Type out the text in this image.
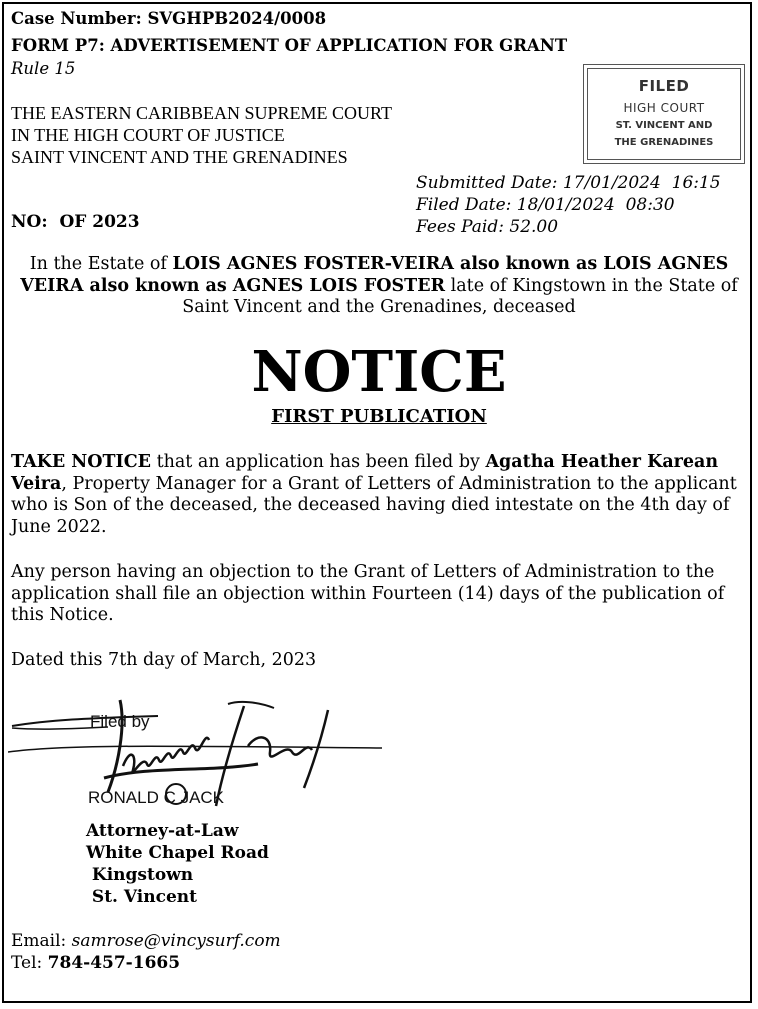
Case Number: SVGHPB2024/0008
FORM P7: ADVERTISEMENT OF APPLICATION FOR GRANT
Rule 15
THE EASTERN CARIBBEAN SUPREME COURT
IN THE HIGH COURT OF JUSTICE
SAINT VINCENT AND THE GRENADINES
FILED
HIGH COURT
ST. VINCENT AND
THE GRENADINES
Submitted Date: 17/01/2024  16:15
Filed Date: 18/01/2024  08:30
Fees Paid: 52.00
NO:  OF 2023
In the Estate of LOIS AGNES FOSTER-VEIRA also known as LOIS AGNES VEIRA also known as AGNES LOIS FOSTER late of Kingstown in the State of Saint Vincent and the Grenadines, deceased
NOTICE
FIRST PUBLICATION
TAKE NOTICE that an application has been filed by Agatha Heather Karean Veira, Property Manager for a Grant of Letters of Administration to the applicant who is Son of the deceased, the deceased having died intestate on the 4th day of June 2022.
Any person having an objection to the Grant of Letters of Administration to the application shall file an objection within Fourteen (14) days of the publication of this Notice.
Dated this 7th day of March, 2023
Filed by
RONALD C JACK
Attorney-at-Law
White Chapel Road
Kingstown
St. Vincent
Email: samrose@vincysurf.com
Tel: 784-457-1665
